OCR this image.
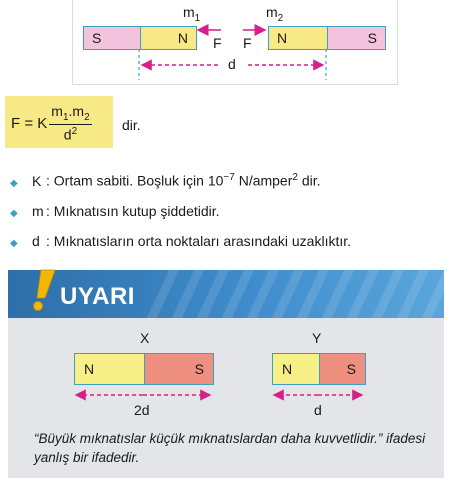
$m_1$	$m_2$
S	N	N	S
F F
d
F = K $\frac{m_1.m_2}{d^2}$ dir.
◆	K : Ortam sabiti. Boşluk için $10^{-7}$ N/amper$^2$ dir.
◆	m : Mıknatısın kutup şiddetidir.
◆	d : Mıknatısların orta noktaları arasındaki uzaklıktır.
UYARI
X
N	S
Y
N	S
2d	d
“Büyük mıknatıslar küçük mıknatıslardan daha kuvvetlidir.” ifadesi yanlış bir ifadedir.
